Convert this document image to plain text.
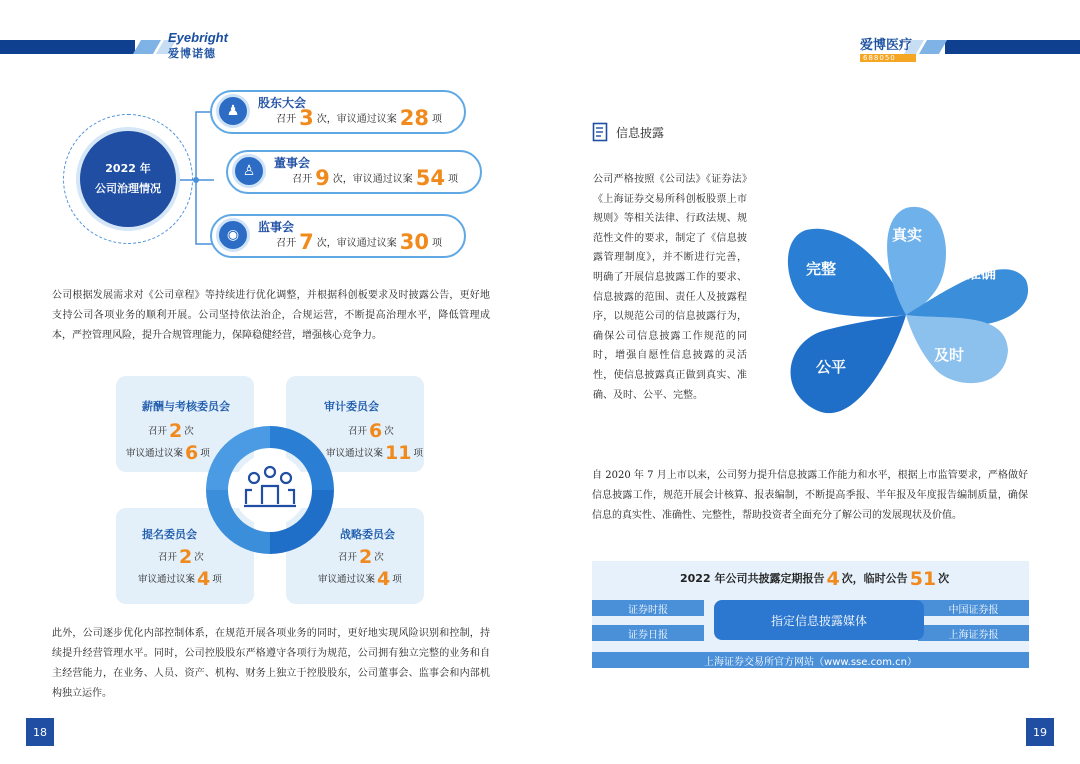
Eyebright
爱博诺德
爱博医疗
688050
2022 年
公司治理情况
♟	股东大会
召开 3 次，审议通过议案 28 项
♙	董事会
召开 9 次，审议通过议案 54 项
◉	监事会
召开 7 次，审议通过议案 30 项
公司根据发展需求对《公司章程》等持续进行优化调整，并根据科创板要求及时披露公告，更好地支持公司各项业务的顺利开展。公司坚持依法治企，合规运营，不断提高治理水平，降低管理成本，严控管理风险，提升合规管理能力，保障稳健经营，增强核心竞争力。
薪酬与考核委员会
召开 2 次
审议通过议案 6 项
审计委员会
召开 6 次
审议通过议案 11 项
提名委员会
召开 2 次
审议通过议案 4 项
战略委员会
召开 2 次
审议通过议案 4 项
此外，公司逐步优化内部控制体系，在规范开展各项业务的同时，更好地实现风险识别和控制，持续提升经营管理水平。同时，公司控股股东严格遵守各项行为规范，公司拥有独立完整的业务和自主经营能力，在业务、人员、资产、机构、财务上独立于控股股东，公司董事会、监事会和内部机构独立运作。
信息披露
公司严格按照《公司法》《证券法》《上海证券交易所科创板股票上市规则》等相关法律、行政法规、规范性文件的要求，制定了《信息披露管理制度》，并不断进行完善，明确了开展信息披露工作的要求、信息披露的范围、责任人及披露程序，以规范公司的信息披露行为，确保公司信息披露工作规范的同时，增强自愿性信息披露的灵活性，使信息披露真正做到真实、准确、及时、公平、完整。
真实
准确
及时
公平
完整
自 2020 年 7 月上市以来，公司努力提升信息披露工作能力和水平，根据上市监管要求，严格做好信息披露工作，规范开展会计核算、报表编制，不断提高季报、半年报及年度报告编制质量，确保信息的真实性、准确性、完整性，帮助投资者全面充分了解公司的发展现状及价值。
2022 年公司共披露定期报告 4 次，临时公告 51 次
证券时报
证券日报
中国证券报
上海证券报
指定信息披露媒体
上海证券交易所官方网站（www.sse.com.cn）
18	19
